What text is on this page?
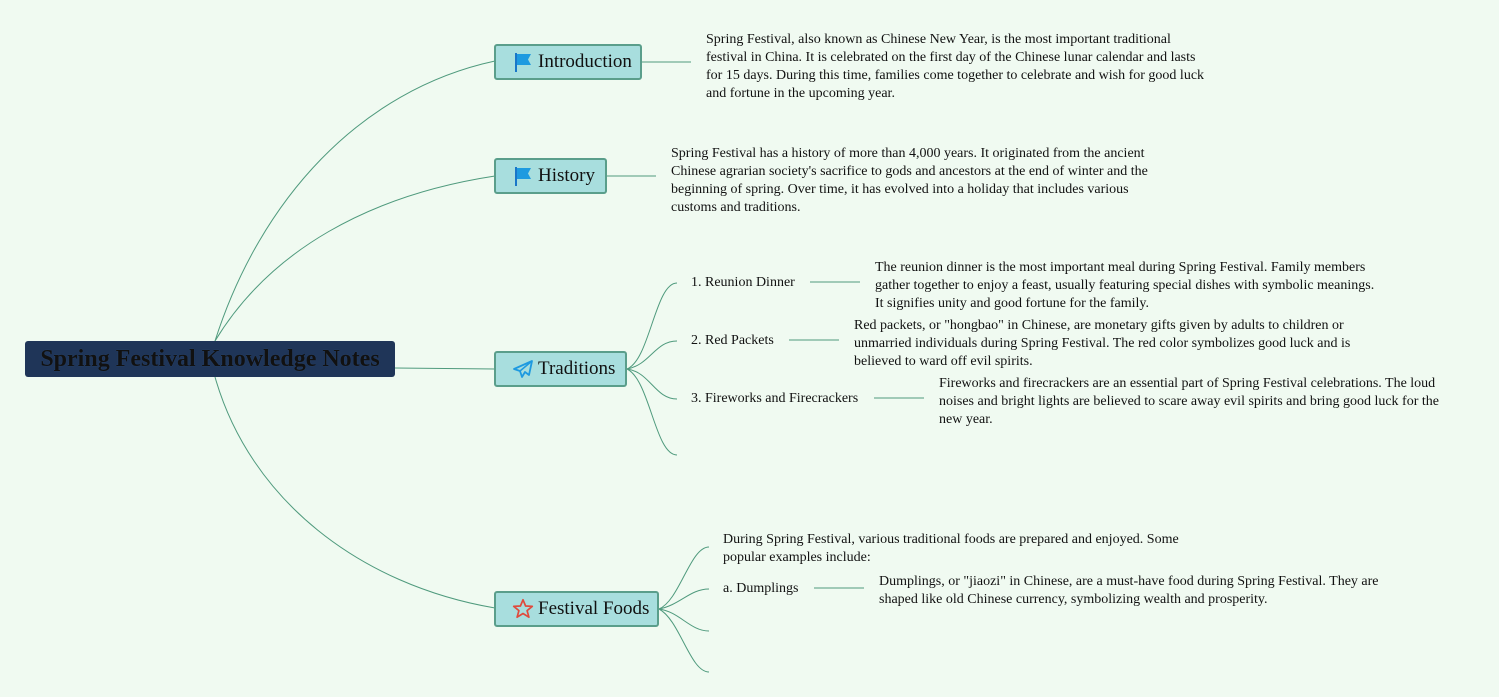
Spring Festival Knowledge Notes
Introduction
Spring Festival, also known as Chinese New Year, is the most important traditional festival in China. It is celebrated on the first day of the Chinese lunar calendar and lasts for 15 days. During this time, families come together to celebrate and wish for good luck and fortune in the upcoming year.
History
Spring Festival has a history of more than 4,000 years. It originated from the ancient Chinese agrarian society's sacrifice to gods and ancestors at the end of winter and the beginning of spring. Over time, it has evolved into a holiday that includes various customs and traditions.
Traditions
1. Reunion Dinner
The reunion dinner is the most important meal during Spring Festival. Family members gather together to enjoy a feast, usually featuring special dishes with symbolic meanings. It signifies unity and good fortune for the family.
2. Red Packets
Red packets, or "hongbao" in Chinese, are monetary gifts given by adults to children or unmarried individuals during Spring Festival. The red color symbolizes good luck and is believed to ward off evil spirits.
3. Fireworks and Firecrackers
Fireworks and firecrackers are an essential part of Spring Festival celebrations. The loud noises and bright lights are believed to scare away evil spirits and bring good luck for the new year.
Festival Foods
During Spring Festival, various traditional foods are prepared and enjoyed. Some popular examples include:
a. Dumplings	Dumplings, or "jiaozi" in Chinese, are a must-have food during Spring Festival. They are shaped like old Chinese currency, symbolizing wealth and prosperity.
